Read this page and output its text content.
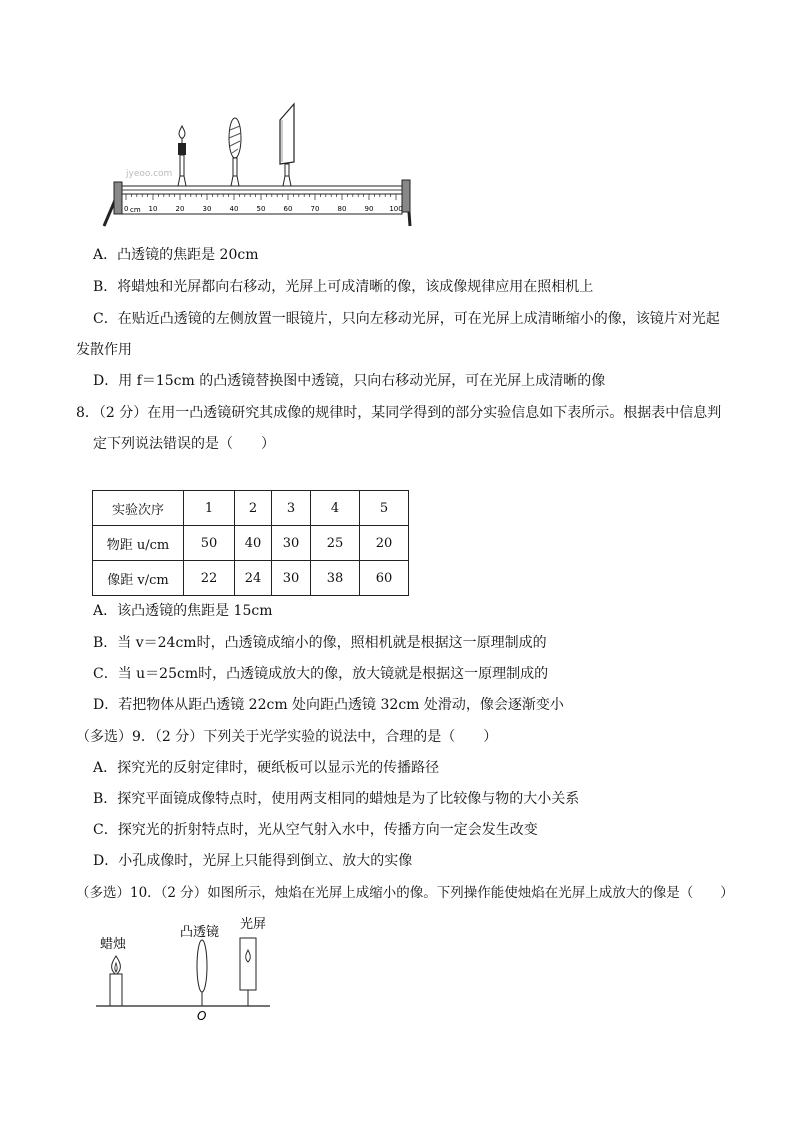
cm 10	20	30	40	50	60	70	80	90 100
0
jyeoo.com
A．凸透镜的焦距是 20cm
B．将蜡烛和光屏都向右移动，光屏上可成清晰的像，该成像规律应用在照相机上
C．在贴近凸透镜的左侧放置一眼镜片，只向左移动光屏，可在光屏上成清晰缩小的像，该镜片对光起
发散作用
D．用 f＝15cm 的凸透镜替换图中透镜，只向右移动光屏，可在光屏上成清晰的像
8．（2 分）在用一凸透镜研究其成像的规律时，某同学得到的部分实验信息如下表所示。根据表中信息判
定下列说法错误的是（　　）
实验次序	1	2	3	4	5
物距 u/cm	50	40	30	25	20
像距 v/cm	22	24	30	38	60
A．该凸透镜的焦距是 15cm
B．当 v＝24cm时，凸透镜成缩小的像，照相机就是根据这一原理制成的
C．当 u＝25cm时，凸透镜成放大的像，放大镜就是根据这一原理制成的
D．若把物体从距凸透镜 22cm 处向距凸透镜 32cm 处滑动，像会逐渐变小
（多选）9．（2 分）下列关于光学实验的说法中，合理的是（　　）
A．探究光的反射定律时，硬纸板可以显示光的传播路径
B．探究平面镜成像特点时，使用两支相同的蜡烛是为了比较像与物的大小关系
C．探究光的折射特点时，光从空气射入水中，传播方向一定会发生改变
D．小孔成像时，光屏上只能得到倒立、放大的实像
（多选）10．（2 分）如图所示，烛焰在光屏上成缩小的像。下列操作能使烛焰在光屏上成放大的像是（　　）
蜡烛
凸透镜
光屏
O
